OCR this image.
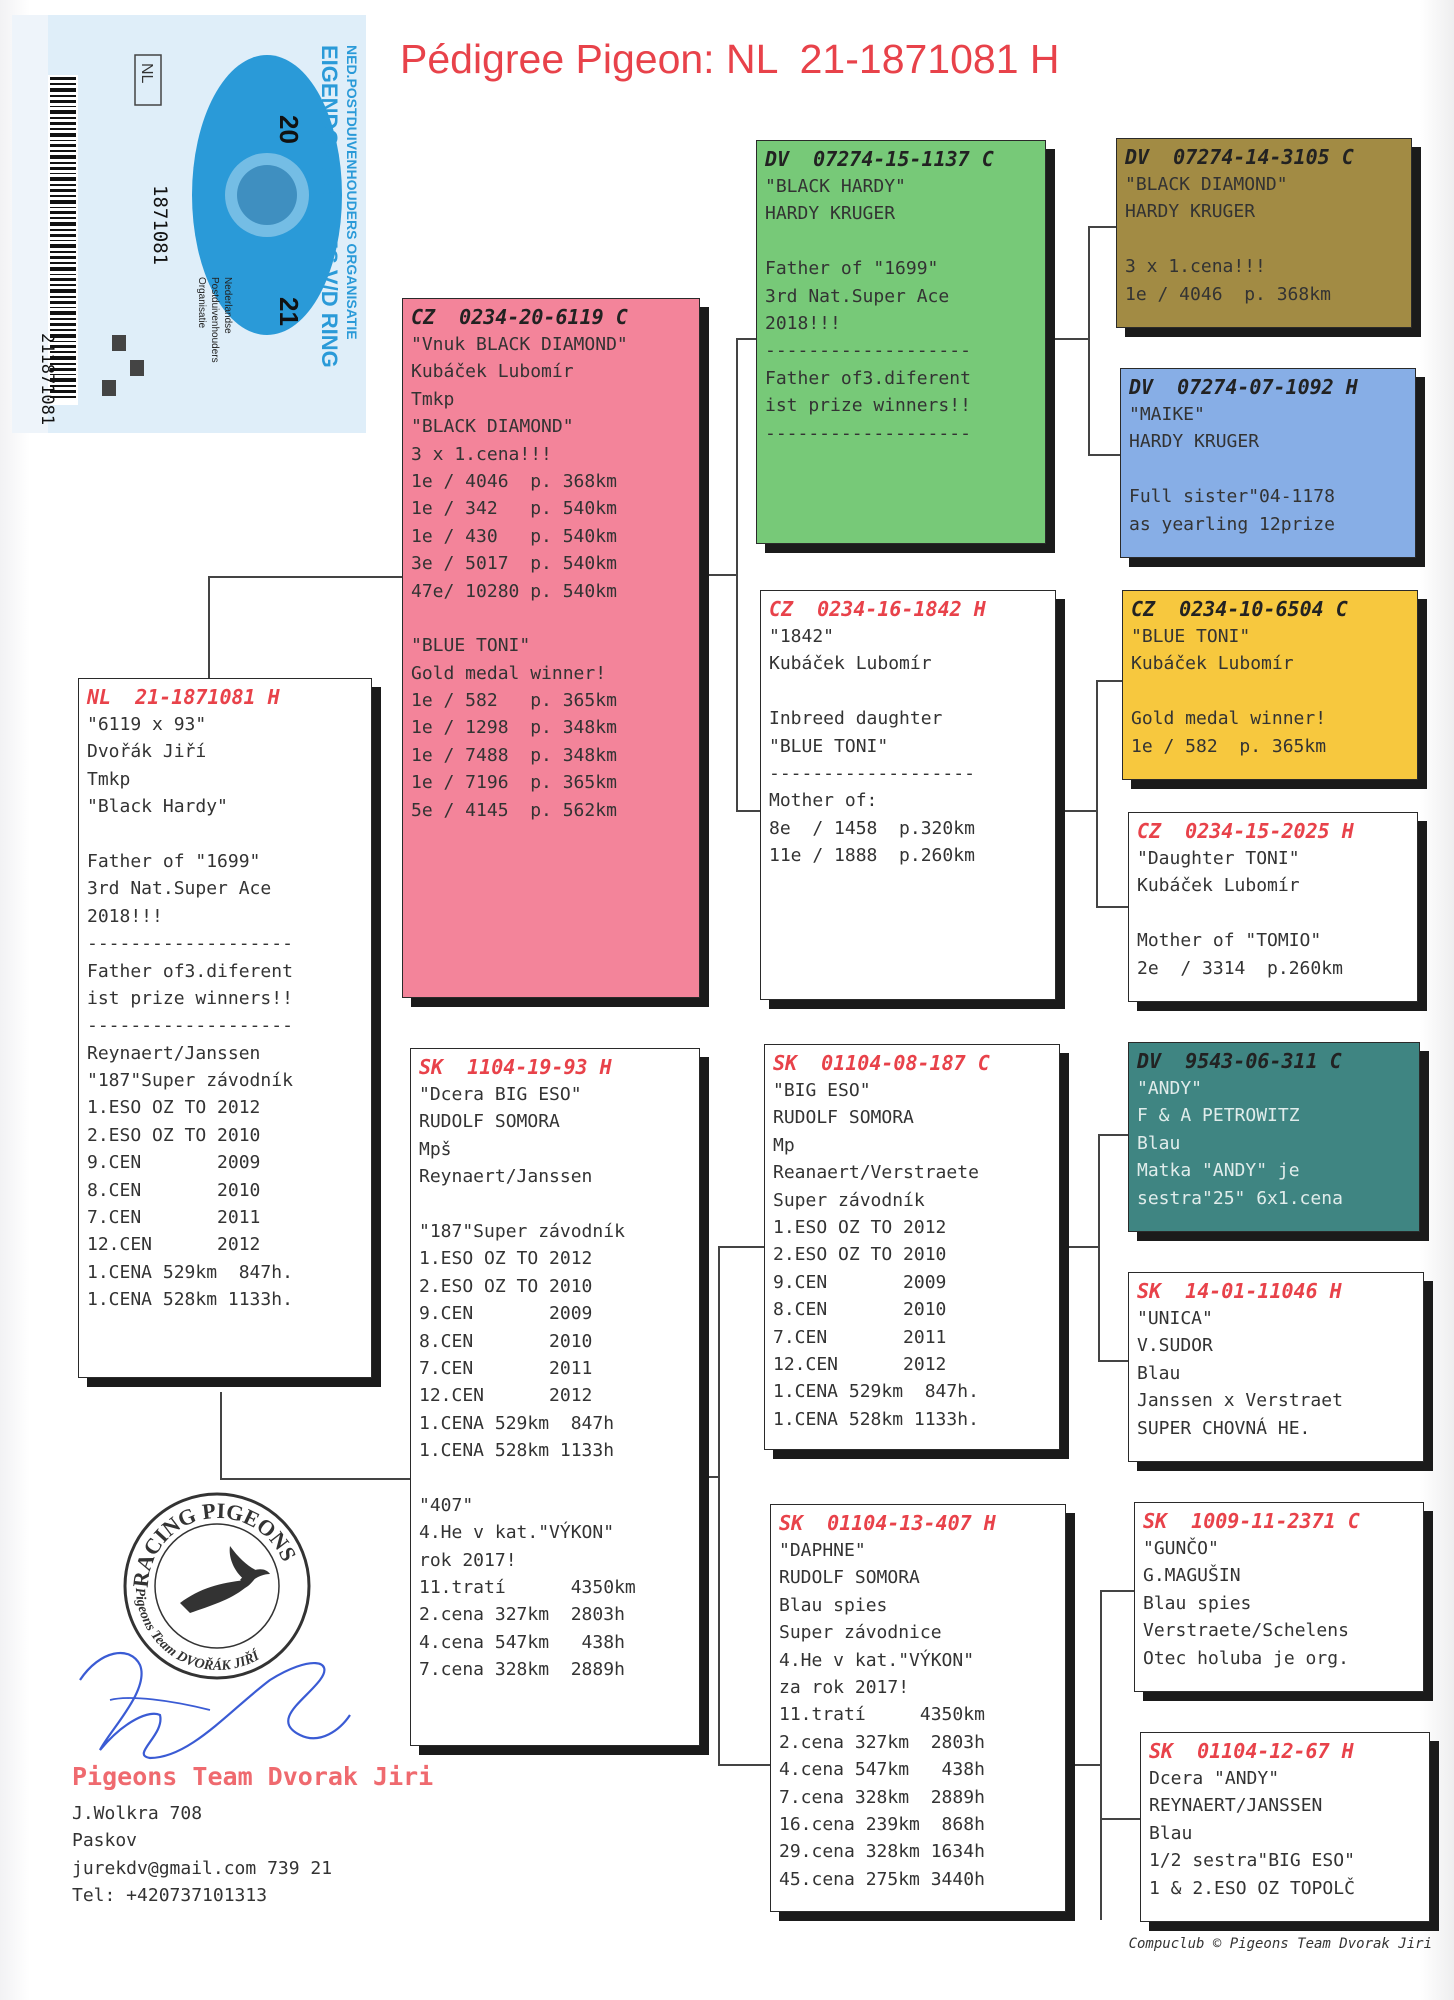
211871081
NED.POSTDUIVENHOUDERS ORGANISATIE
EIGENDOMSBEWIJS V/D RING
20
21
NL
1871081
Nederlandse
Postduivenhouders
Organisatie
Pédigree Pigeon: NL  21-1871081 H
NL  21-1871081 H
"6119 x 93"
Dvořák Jiří
Tmkp
"Black Hardy"
Father of "1699"
3rd Nat.Super Ace
2018!!!
-------------------
Father of3.diferent
ist prize winners!!
-------------------
Reynaert/Janssen
"187"Super závodník
1.ESO OZ TO 2012
2.ESO OZ TO 2010
9.CEN       2009
8.CEN       2010
7.CEN       2011
12.CEN      2012
1.CENA 529km  847h.
1.CENA 528km 1133h.
CZ  0234-20-6119 C
"Vnuk BLACK DIAMOND"
Kubáček Lubomír
Tmkp
"BLACK DIAMOND"
3 x 1.cena!!!
1e / 4046  p. 368km
1e / 342   p. 540km
1e / 430   p. 540km
3e / 5017  p. 540km
47e/ 10280 p. 540km
"BLUE TONI"
Gold medal winner!
1e / 582   p. 365km
1e / 1298  p. 348km
1e / 7488  p. 348km
1e / 7196  p. 365km
5e / 4145  p. 562km
SK  1104-19-93 H
"Dcera BIG ESO"
RUDOLF SOMORA
Mpš
Reynaert/Janssen
"187"Super závodník
1.ESO OZ TO 2012
2.ESO OZ TO 2010
9.CEN       2009
8.CEN       2010
7.CEN       2011
12.CEN      2012
1.CENA 529km  847h
1.CENA 528km 1133h
"407"
4.He v kat."VÝKON"
rok 2017!
11.tratí      4350km
2.cena 327km  2803h
4.cena 547km   438h
7.cena 328km  2889h
DV  07274-15-1137 C
"BLACK HARDY"
HARDY KRUGER
Father of "1699"
3rd Nat.Super Ace
2018!!!
-------------------
Father of3.diferent
ist prize winners!!
-------------------
CZ  0234-16-1842 H
"1842"
Kubáček Lubomír
Inbreed daughter
"BLUE TONI"
-------------------
Mother of:
8e  / 1458  p.320km
11e / 1888  p.260km
SK  01104-08-187 C
"BIG ESO"
RUDOLF SOMORA
Mp
Reanaert/Verstraete
Super závodník
1.ESO OZ TO 2012
2.ESO OZ TO 2010
9.CEN       2009
8.CEN       2010
7.CEN       2011
12.CEN      2012
1.CENA 529km  847h.
1.CENA 528km 1133h.
SK  01104-13-407 H
"DAPHNE"
RUDOLF SOMORA
Blau spies
Super závodnice
4.He v kat."VÝKON"
za rok 2017!
11.tratí     4350km
2.cena 327km  2803h
4.cena 547km   438h
7.cena 328km  2889h
16.cena 239km  868h
29.cena 328km 1634h
45.cena 275km 3440h
DV  07274-14-3105 C
"BLACK DIAMOND"
HARDY KRUGER
3 x 1.cena!!!
1e / 4046  p. 368km
DV  07274-07-1092 H
"MAIKE"
HARDY KRUGER
Full sister"04-1178
as yearling 12prize
CZ  0234-10-6504 C
"BLUE TONI"
Kubáček Lubomír
Gold medal winner!
1e / 582  p. 365km
CZ  0234-15-2025 H
"Daughter TONI"
Kubáček Lubomír
Mother of "TOMIO"
2e  / 3314  p.260km
DV  9543-06-311 C
"ANDY"
F & A PETROWITZ
Blau
Matka "ANDY" je
sestra"25" 6x1.cena
SK  14-01-11046 H
"UNICA"
V.SUDOR
Blau
Janssen x Verstraet
SUPER CHOVNÁ HE.
SK  1009-11-2371 C
"GUNČO"
G.MAGUŠIN
Blau spies
Verstraete/Schelens
Otec holuba je org.
SK  01104-12-67 H
Dcera "ANDY"
REYNAERT/JANSSEN
Blau
1/2 sestra"BIG ESO"
1 & 2.ESO OZ TOPOLČ
RACING PIGEONS
Pigeons Team DVOŘÁK JIŘÍ
Pigeons Team Dvorak Jiri
J.Wolkra 708
Paskov
jurekdv@gmail.com 739 21
Tel: +420737101313
Compuclub © Pigeons Team Dvorak Jiri
